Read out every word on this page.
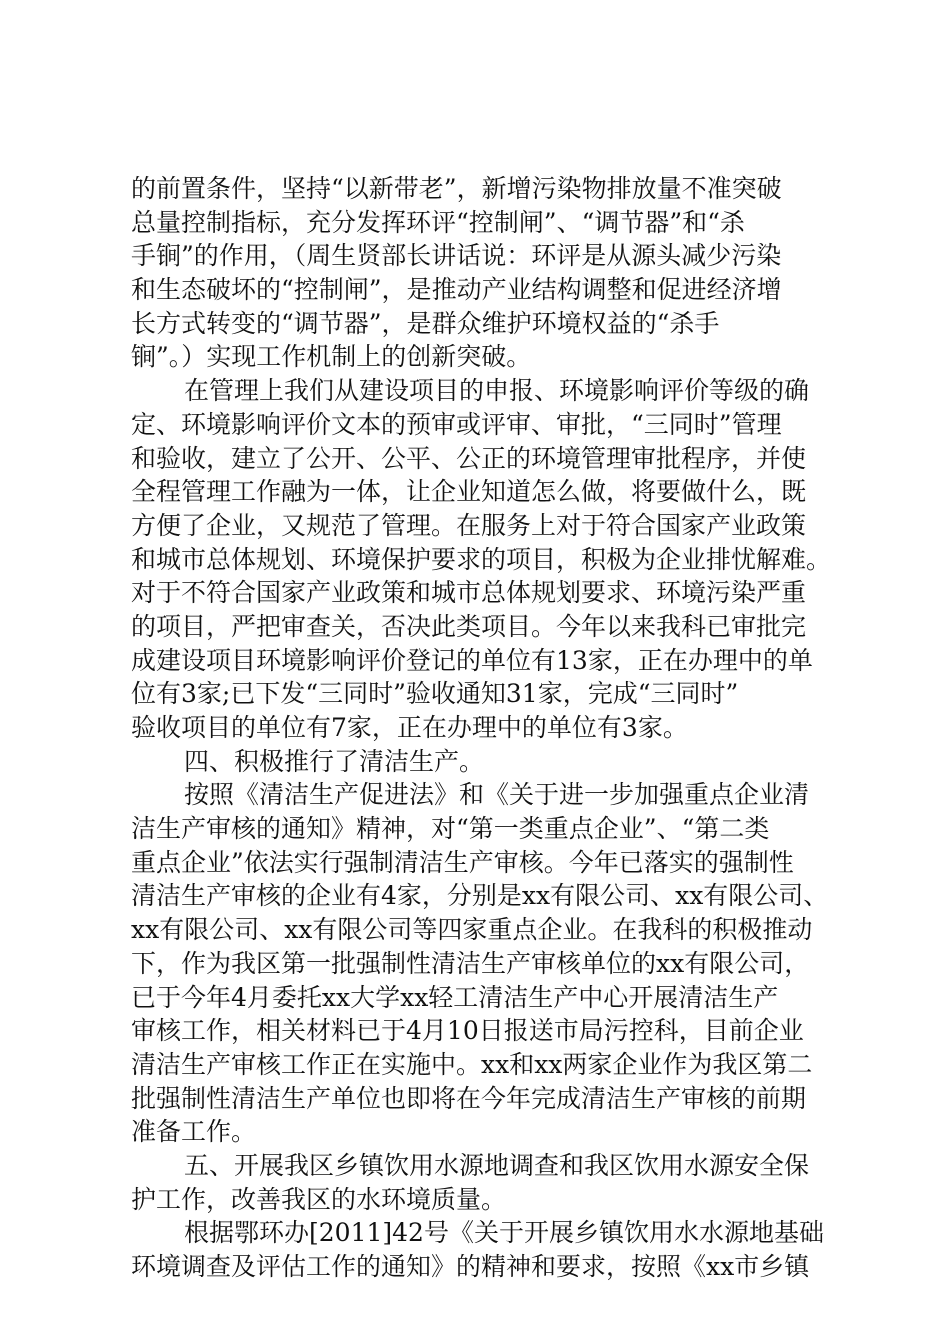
的前置条件，坚持“以新带老”，新增污染物排放量不准突破
总量控制指标，充分发挥环评“控制闸”、“调节器”和“杀
手锏”的作用，（周生贤部长讲话说：环评是从源头减少污染
和生态破坏的“控制闸”，是推动产业结构调整和促进经济增
长方式转变的“调节器”，是群众维护环境权益的“杀手
锏”。）实现工作机制上的创新突破。
在管理上我们从建设项目的申报、环境影响评价等级的确
定、环境影响评价文本的预审或评审、审批，“三同时”管理
和验收，建立了公开、公平、公正的环境管理审批程序，并使
全程管理工作融为一体，让企业知道怎么做，将要做什么，既
方便了企业，又规范了管理。在服务上对于符合国家产业政策
和城市总体规划、环境保护要求的项目，积极为企业排忧解难。
对于不符合国家产业政策和城市总体规划要求、环境污染严重
的项目，严把审查关，否决此类项目。今年以来我科已审批完
成建设项目环境影响评价登记的单位有13家，正在办理中的单
位有3家;已下发“三同时”验收通知31家，完成“三同时”
验收项目的单位有7家，正在办理中的单位有3家。
四、积极推行了清洁生产。
按照《清洁生产促进法》和《关于进一步加强重点企业清
洁生产审核的通知》精神，对“第一类重点企业”、“第二类
重点企业”依法实行强制清洁生产审核。今年已落实的强制性
清洁生产审核的企业有4家，分别是xx有限公司、xx有限公司、
xx有限公司、xx有限公司等四家重点企业。在我科的积极推动
下，作为我区第一批强制性清洁生产审核单位的xx有限公司，
已于今年4月委托xx大学xx轻工清洁生产中心开展清洁生产
审核工作，相关材料已于4月10日报送市局污控科，目前企业
清洁生产审核工作正在实施中。xx和xx两家企业作为我区第二
批强制性清洁生产单位也即将在今年完成清洁生产审核的前期
准备工作。
五、开展我区乡镇饮用水源地调查和我区饮用水源安全保
护工作，改善我区的水环境质量。
根据鄂环办[2011]42号《关于开展乡镇饮用水水源地基础
环境调查及评估工作的通知》的精神和要求，按照《xx市乡镇
